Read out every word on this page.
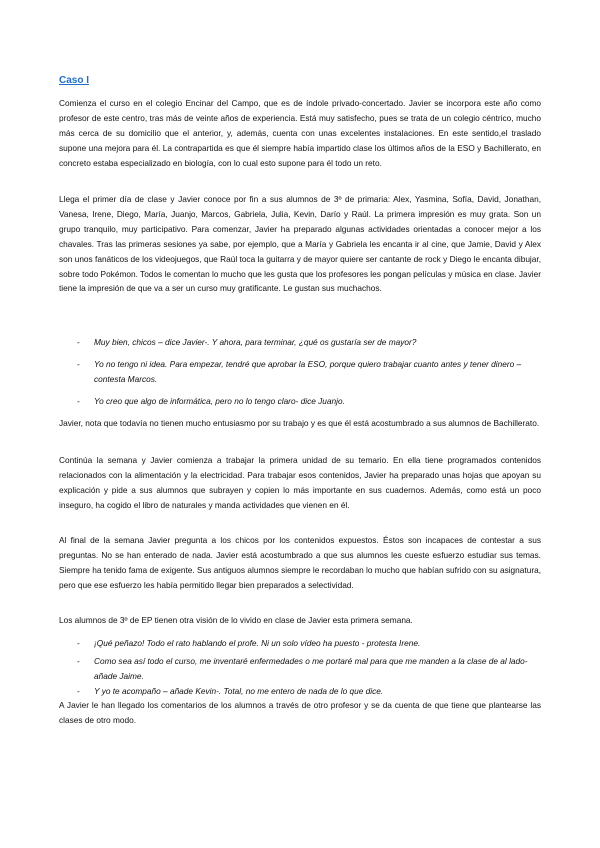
Caso I

Comienza el curso en el colegio Encinar del Campo, que es de índole privado-concertado. Javier se incorpora este año como profesor de este centro, tras más de veinte años de experiencia. Está muy satisfecho, pues se trata de un colegio céntrico, mucho más cerca de su domicilio que el anterior, y, además, cuenta con unas excelentes instalaciones. En este sentido,el traslado supone una mejora para él. La contrapartida es que él siempre había impartido clase los últimos años de la ESO y Bachillerato, en concreto estaba especializado en biología, con lo cual esto supone para él todo un reto.

Llega el primer día de clase y Javier conoce por fin a sus alumnos de 3º de primaria: Alex, Yasmina, Sofía, David, Jonathan, Vanesa, Irene, Diego, María, Juanjo, Marcos, Gabriela, Julia, Kevin, Darío y Raúl. La primera impresión es muy grata. Son un grupo tranquilo, muy participativo. Para comenzar, Javier ha preparado algunas actividades orientadas a conocer mejor a los chavales. Tras las primeras sesiones ya sabe, por ejemplo, que a María y Gabriela les encanta ir al cine, que Jamie, David y Alex son unos fanáticos de los videojuegos, que Raúl toca la guitarra y de mayor quiere ser cantante de rock y Diego le encanta dibujar, sobre todo Pokémon. Todos le comentan lo mucho que les gusta que los profesores les pongan películas y música en clase. Javier tiene la impresión de que va a ser un curso muy gratificante. Le gustan sus muchachos.

- Muy bien, chicos – dice Javier-. Y ahora, para terminar, ¿qué os gustaría ser de mayor?
- Yo no tengo ni idea. Para empezar, tendré que aprobar la ESO, porque quiero trabajar cuanto antes y tener dinero – contesta Marcos.
- Yo creo que algo de informática, pero no lo tengo claro- dice Juanjo.

Javier, nota que todavía no tienen mucho entusiasmo por su trabajo y es que él está acostumbrado a sus alumnos de Bachillerato.

Continúa la semana y Javier comienza a trabajar la primera unidad de su temario. En ella tiene programados contenidos relacionados con la alimentación y la electricidad. Para trabajar esos contenidos, Javier ha preparado unas hojas que apoyan su explicación y pide a sus alumnos que subrayen y copien lo más importante en sus cuadernos. Además, como está un poco inseguro, ha cogido el libro de naturales y manda actividades que vienen en él.

Al final de la semana Javier pregunta a los chicos por los contenidos expuestos. Éstos son incapaces de contestar a sus preguntas. No se han enterado de nada. Javier está acostumbrado a que sus alumnos les cueste esfuerzo estudiar sus temas. Siempre ha tenido fama de exigente. Sus antiguos alumnos siempre le recordaban lo mucho que habían sufrido con su asignatura, pero que ese esfuerzo les había permitido llegar bien preparados a selectividad.

Los alumnos de 3º de EP tienen otra visión de lo vivido en clase de Javier esta primera semana.

- ¡Qué peñazo! Todo el rato hablando el profe. Ni un solo vídeo ha puesto - protesta Irene.
- Como sea así todo el curso, me inventaré enfermedades o me portaré mal para que me manden a la clase de al lado- añade Jaime.
- Y yo te acompaño – añade Kevin-. Total, no me entero de nada de lo que dice.

A Javier le han llegado los comentarios de los alumnos a través de otro profesor y se da cuenta de que tiene que plantearse las clases de otro modo.
